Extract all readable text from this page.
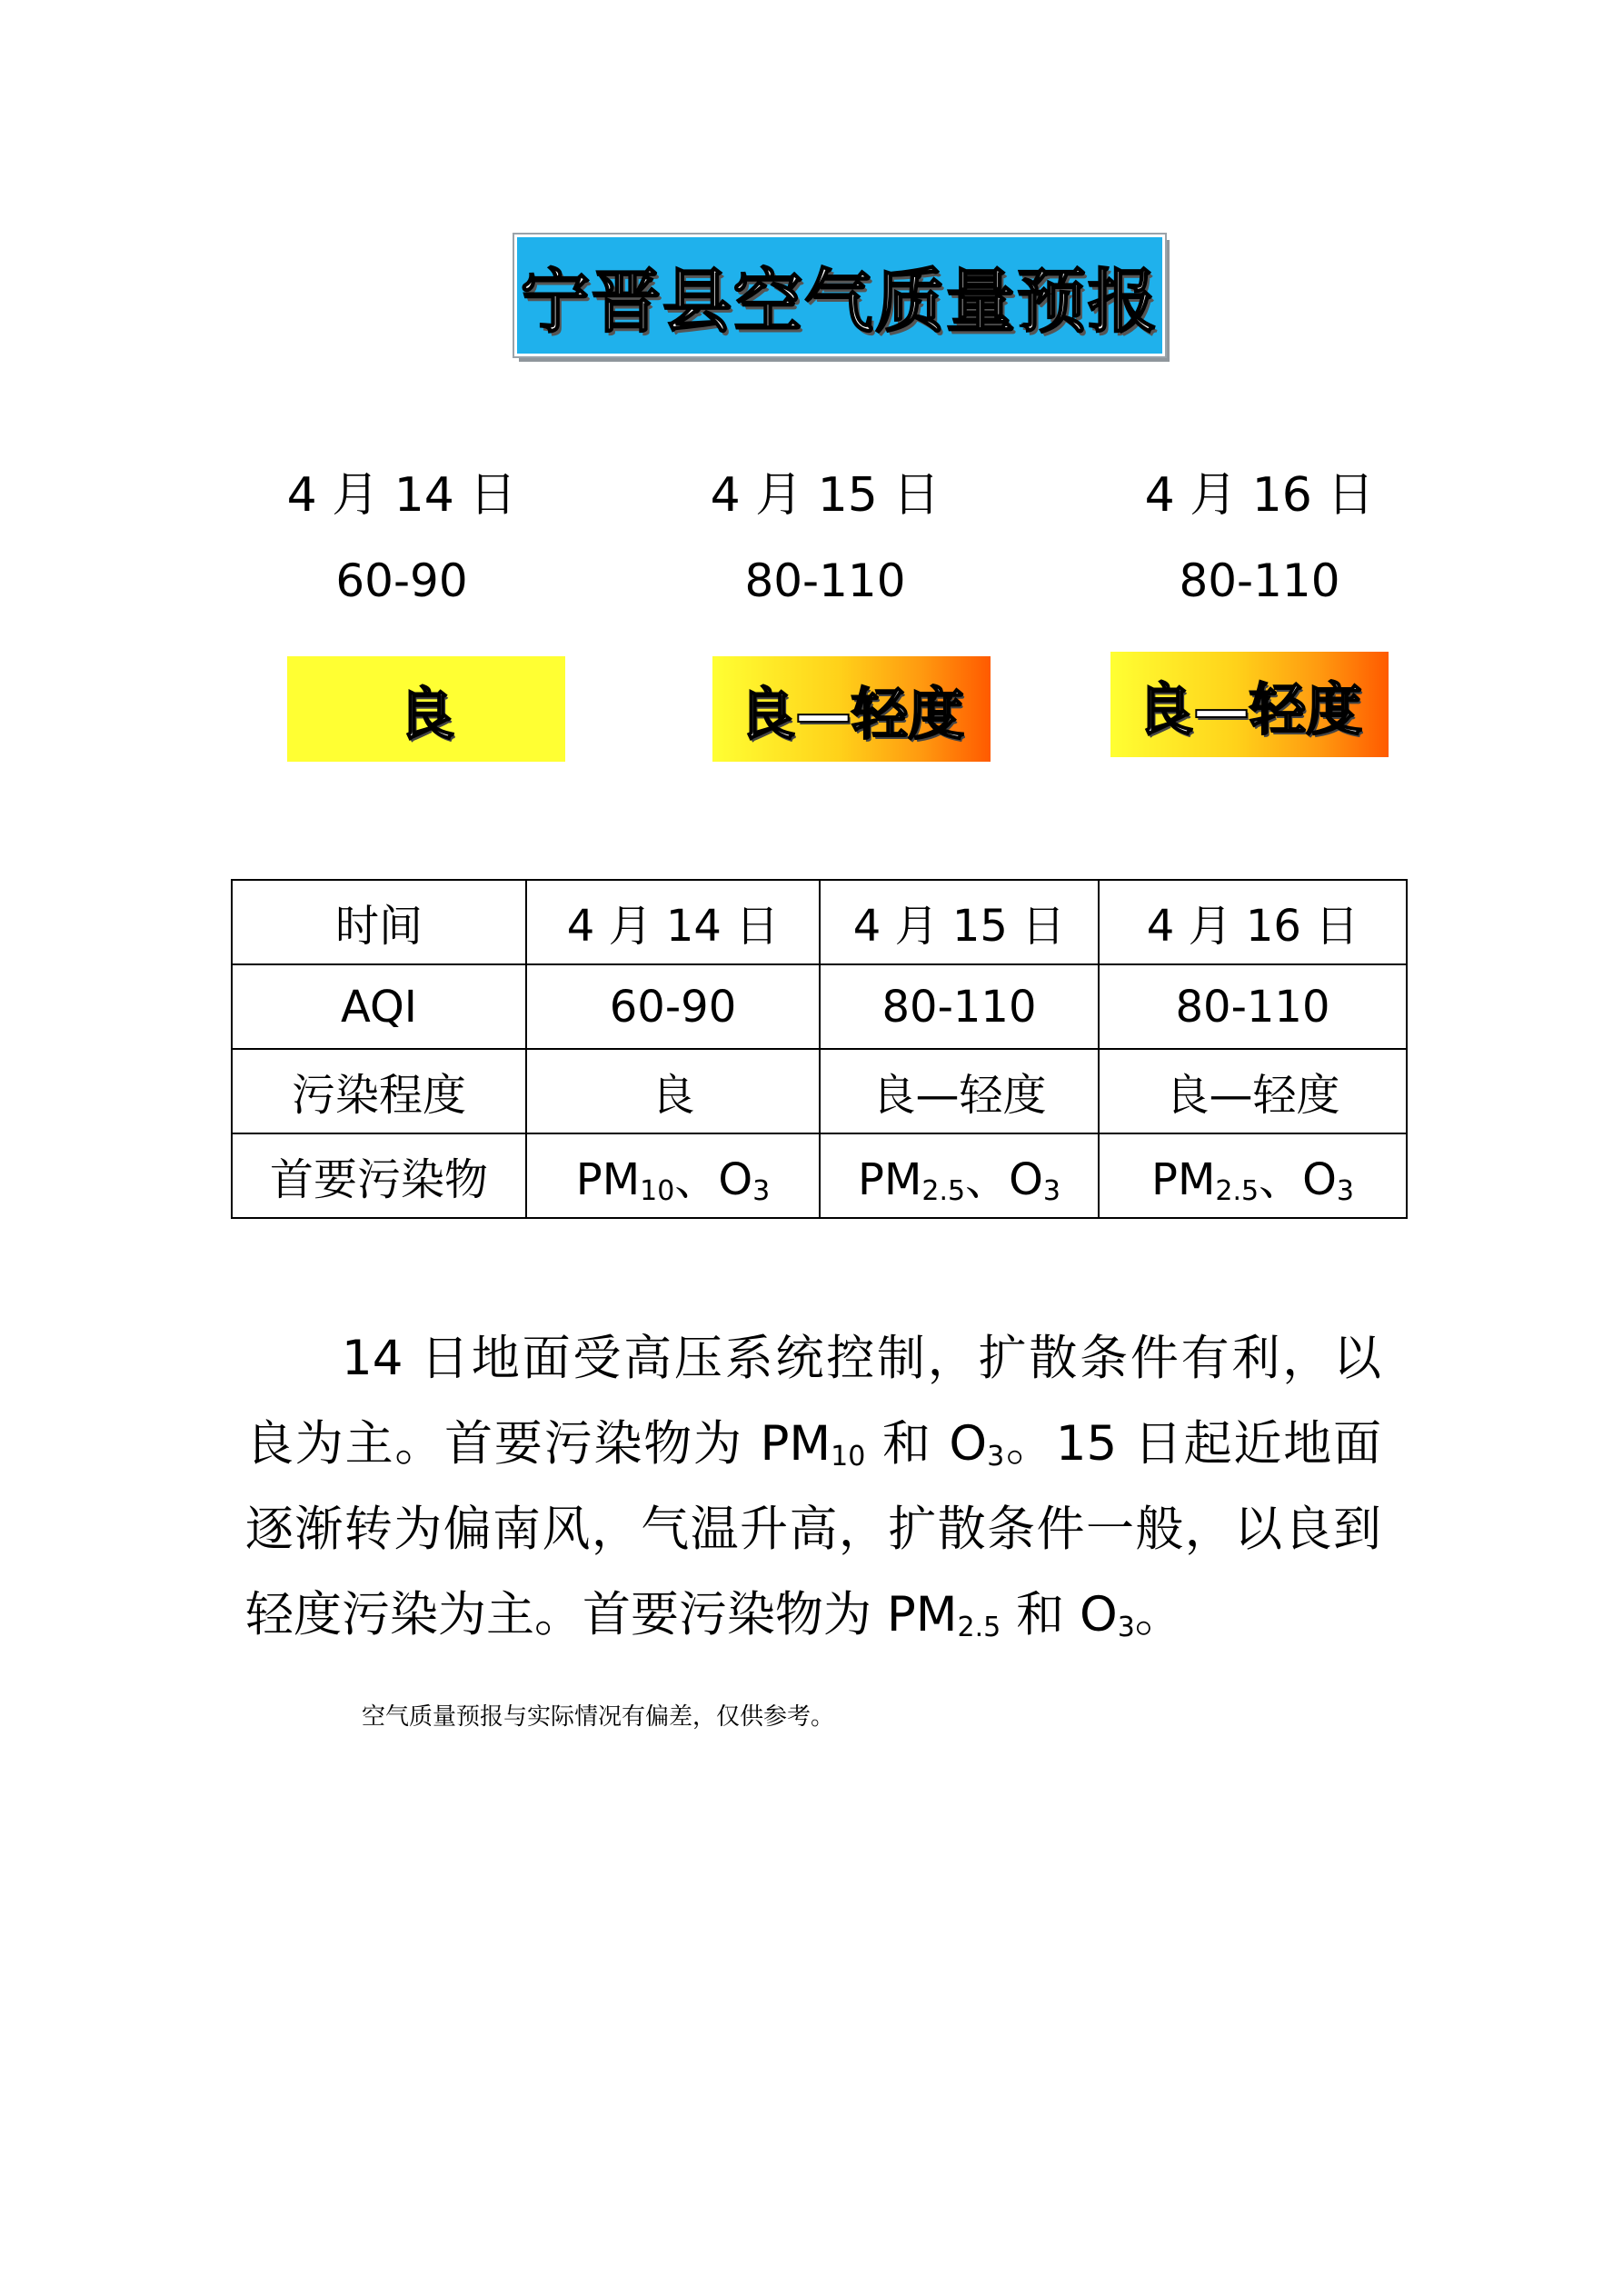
宁晋县空气质量预报
4 月 14 日
60-90
4 月 15 日
80-110
4 月 16 日
80-110
良	良—轻度	良—轻度
时间	4 月 14 日	4 月 15 日	4 月 16 日
AQI	60-90	80-110	80-110
污染程度	良	良—轻度	良—轻度
首要污染物	$PM_{10}$、$O_3$	$PM_{2.5}$、$O_3$	$PM_{2.5}$、$O_3$
14 日地面受高压系统控制，扩散条件有利，以良为主。首要污染物为 $PM_{10}$ 和 $O_3$。15 日起近地面逐渐转为偏南风，气温升高，扩散条件一般，以良到轻度污染为主。首要污染物为 $PM_{2.5}$ 和 $O_3$。
空气质量预报与实际情况有偏差，仅供参考。
